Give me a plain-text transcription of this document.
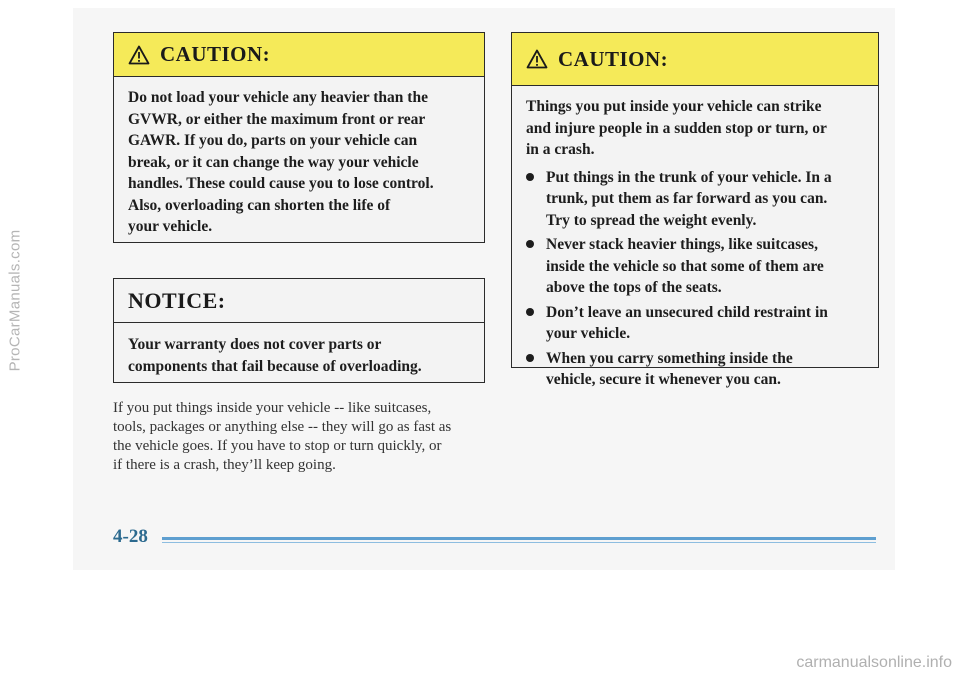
ProCarManuals.com
CAUTION:

Do not load your vehicle any heavier than the

GVWR, or either the maximum front or rear

GAWR. If you do, parts on your vehicle can

break, or it can change the way your vehicle

handles. These could cause you to lose control.

Also, overloading can shorten the life of

your vehicle.

NOTICE:

Your warranty does not cover parts or

components that fail because of overloading.

If you put things inside your vehicle -- like suitcases,
tools, packages or anything else -- they will go as fast as
the vehicle goes. If you have to stop or turn quickly, or
if there is a crash, they’ll keep going.
CAUTION:

Things you put inside your vehicle can strike

and injure people in a sudden stop or turn, or

in a crash.

Put things in the trunk of your vehicle. In a
trunk, put them as far forward as you can.
Try to spread the weight evenly.
Never stack heavier things, like suitcases,
inside the vehicle so that some of them are
above the tops of the seats.
Don’t leave an unsecured child restraint in
your vehicle.
When you carry something inside the
vehicle, secure it whenever you can.
4-28
carmanualsonline.info
